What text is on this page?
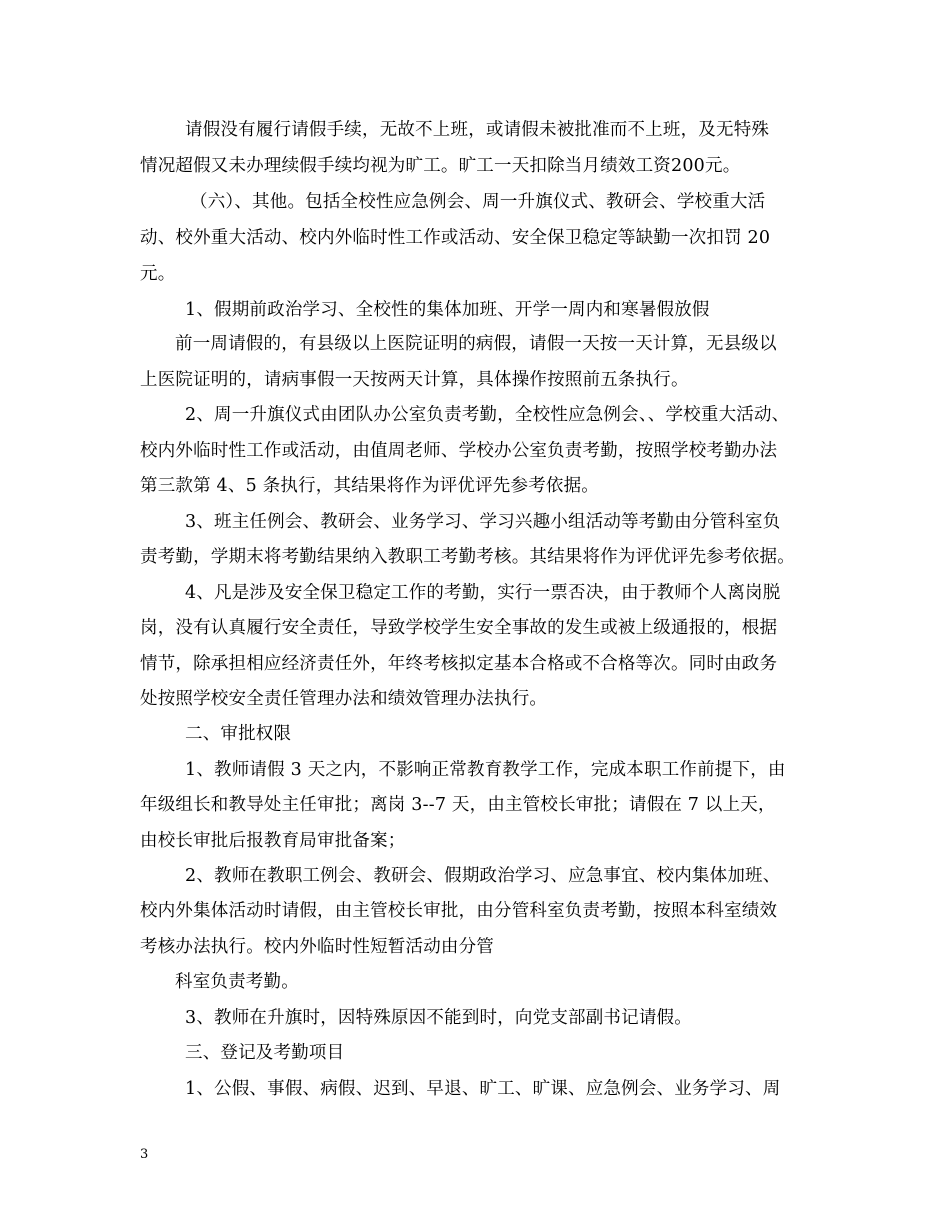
请假没有履行请假手续，无故不上班，或请假未被批准而不上班，及无特殊
情况超假又未办理续假手续均视为旷工。旷工一天扣除当月绩效工资200元。
（六）、其他。包括全校性应急例会、周一升旗仪式、教研会、学校重大活
动、校外重大活动、校内外临时性工作或活动、安全保卫稳定等缺勤一次扣罚 20
元。
1、假期前政治学习、全校性的集体加班、开学一周内和寒暑假放假
前一周请假的，有县级以上医院证明的病假，请假一天按一天计算，无县级以
上医院证明的，请病事假一天按两天计算，具体操作按照前五条执行。
2、周一升旗仪式由团队办公室负责考勤，全校性应急例会、、学校重大活动、
校内外临时性工作或活动，由值周老师、学校办公室负责考勤，按照学校考勤办法
第三款第 4、5 条执行，其结果将作为评优评先参考依据。
3、班主任例会、教研会、业务学习、学习兴趣小组活动等考勤由分管科室负
责考勤，学期末将考勤结果纳入教职工考勤考核。其结果将作为评优评先参考依据。
4、凡是涉及安全保卫稳定工作的考勤，实行一票否决，由于教师个人离岗脱
岗，没有认真履行安全责任，导致学校学生安全事故的发生或被上级通报的，根据
情节，除承担相应经济责任外，年终考核拟定基本合格或不合格等次。同时由政务
处按照学校安全责任管理办法和绩效管理办法执行。
二、审批权限
1、教师请假 3 天之内，不影响正常教育教学工作，完成本职工作前提下，由
年级组长和教导处主任审批；离岗 3--7 天，由主管校长审批；请假在 7 以上天，
由校长审批后报教育局审批备案；
2、教师在教职工例会、教研会、假期政治学习、应急事宜、校内集体加班、
校内外集体活动时请假，由主管校长审批，由分管科室负责考勤，按照本科室绩效
考核办法执行。校内外临时性短暂活动由分管
科室负责考勤。
3、教师在升旗时，因特殊原因不能到时，向党支部副书记请假。
三、登记及考勤项目
1、公假、事假、病假、迟到、早退、旷工、旷课、应急例会、业务学习、周
3
